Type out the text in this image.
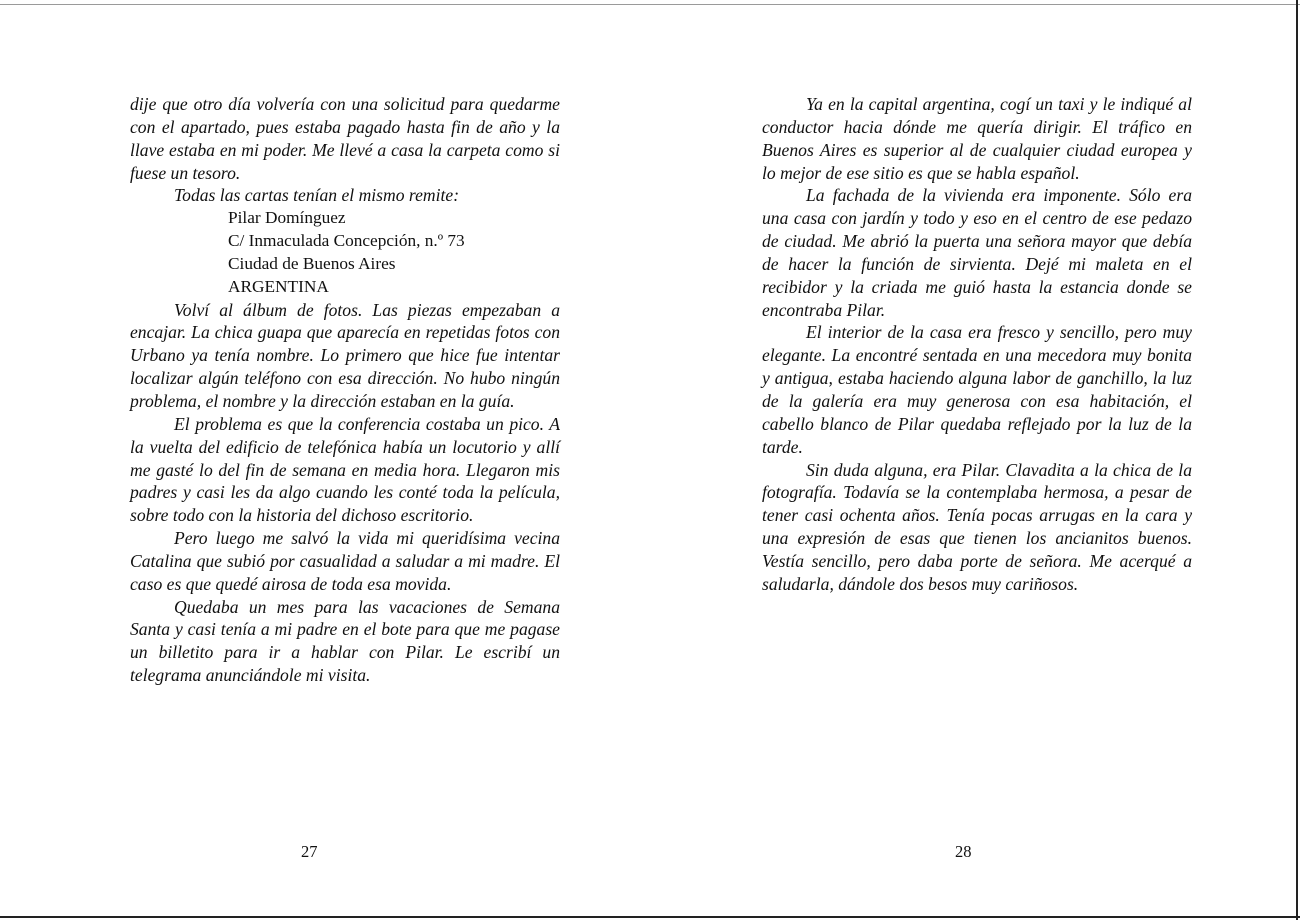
dije que otro día volvería con una solicitud para quedarme con el apartado, pues estaba pagado hasta fin de año y la llave estaba en mi poder. Me llevé a casa la carpeta como si fuese un tesoro.

Todas las cartas tenían el mismo remite:

Pilar Domínguez

C/ Inmaculada Concepción, n.º 73

Ciudad de Buenos Aires

ARGENTINA

Volví al álbum de fotos. Las piezas empezaban a encajar. La chica guapa que aparecía en repetidas fotos con Urbano ya tenía nombre. Lo primero que hice fue intentar localizar algún teléfono con esa dirección. No hubo ningún problema, el nombre y la dirección estaban en la guía.

El problema es que la conferencia costaba un pico. A la vuelta del edificio de telefónica había un locutorio y allí me gasté lo del fin de semana en media hora. Llegaron mis padres y casi les da algo cuando les conté toda la película, sobre todo con la historia del dichoso escritorio.

Pero luego me salvó la vida mi queridísima vecina Catalina que subió por casualidad a saludar a mi madre. El caso es que quedé airosa de toda esa movida.

Quedaba un mes para las vacaciones de Semana Santa y casi tenía a mi padre en el bote para que me pagase un billetito para ir a hablar con Pilar. Le escribí un telegrama anunciándole mi visita.

Ya en la capital argentina, cogí un taxi y le indiqué al conductor hacia dónde me quería dirigir. El tráfico en Buenos Aires es superior al de cualquier ciudad europea y lo mejor de ese sitio es que se habla español.

La fachada de la vivienda era imponente. Sólo era una casa con jardín y todo y eso en el centro de ese pedazo de ciudad. Me abrió la puerta una señora mayor que debía de hacer la función de sirvienta. Dejé mi maleta en el recibidor y la criada me guió hasta la estancia donde se encontraba Pilar.

El interior de la casa era fresco y sencillo, pero muy elegante. La encontré sentada en una mecedora muy bonita y antigua, estaba haciendo alguna labor de ganchillo, la luz de la galería era muy generosa con esa habitación, el cabello blanco de Pilar quedaba reflejado por la luz de la tarde.

Sin duda alguna, era Pilar. Clavadita a la chica de la fotografía. Todavía se la contemplaba hermosa, a pesar de tener casi ochenta años. Tenía pocas arrugas en la cara y una expresión de esas que tienen los ancianitos buenos. Vestía sencillo, pero daba porte de señora. Me acerqué a saludarla, dándole dos besos muy cariñosos.

27	28
